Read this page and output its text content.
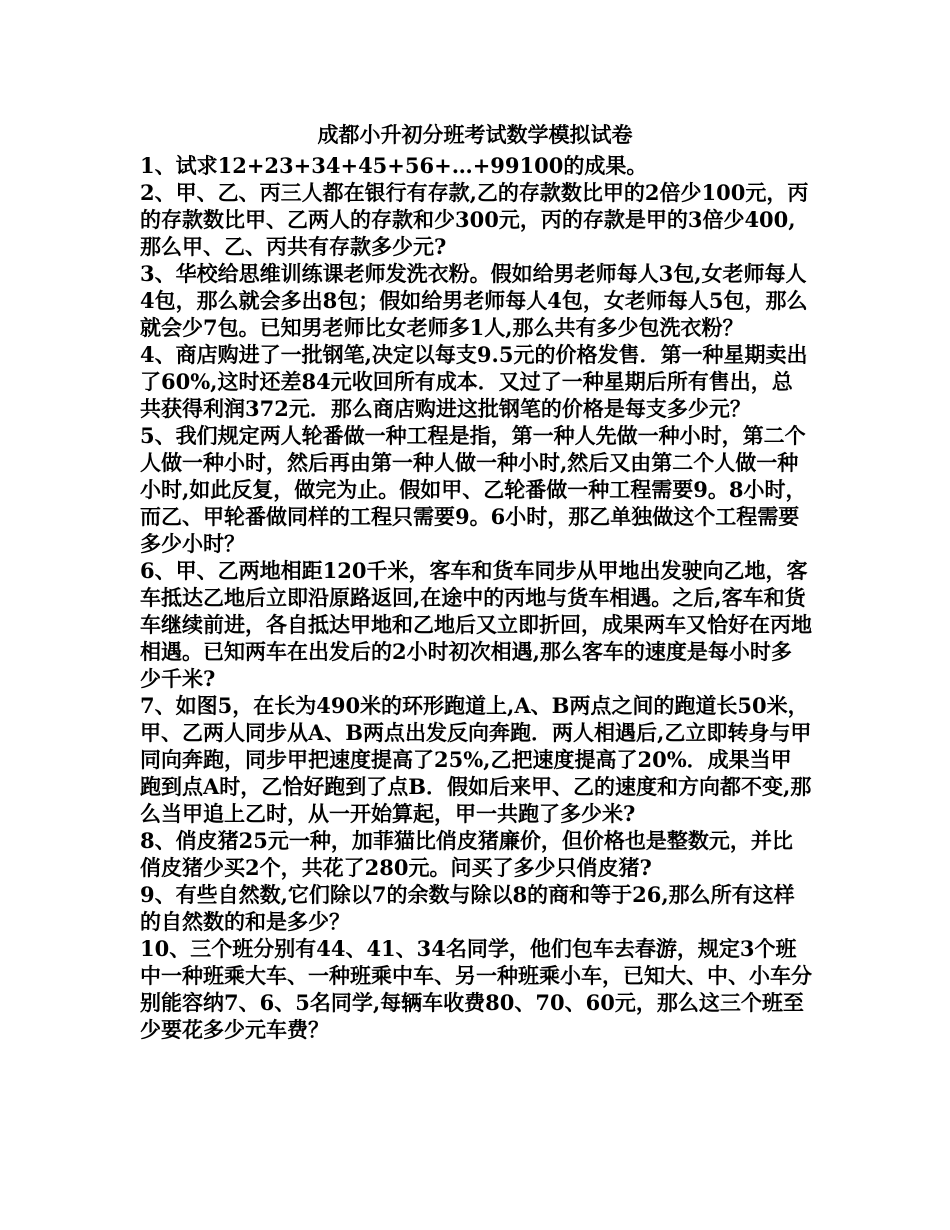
成都小升初分班考试数学模拟试卷

1、试求12+23+34+45+56+…+99100的成果。

2、甲、乙、丙三人都在银行有存款,乙的存款数比甲的2倍少100元，丙的存款数比甲、乙两人的存款和少300元，丙的存款是甲的3倍少400,那么甲、乙、丙共有存款多少元?

3、华校给思维训练课老师发洗衣粉。假如给男老师每人3包,女老师每人4包，那么就会多出8包；假如给男老师每人4包，女老师每人5包，那么就会少7包。已知男老师比女老师多1人,那么共有多少包洗衣粉？

4、商店购进了一批钢笔,决定以每支9.5元的价格发售．第一种星期卖出了60%,这时还差84元收回所有成本．又过了一种星期后所有售出，总共获得利润372元．那么商店购进这批钢笔的价格是每支多少元？

5、我们规定两人轮番做一种工程是指，第一种人先做一种小时，第二个人做一种小时，然后再由第一种人做一种小时,然后又由第二个人做一种小时,如此反复，做完为止。假如甲、乙轮番做一种工程需要9。8小时，而乙、甲轮番做同样的工程只需要9。6小时，那乙单独做这个工程需要多少小时？

6、甲、乙两地相距120千米，客车和货车同步从甲地出发驶向乙地，客车抵达乙地后立即沿原路返回,在途中的丙地与货车相遇。之后,客车和货车继续前进，各自抵达甲地和乙地后又立即折回，成果两车又恰好在丙地相遇。已知两车在出发后的2小时初次相遇,那么客车的速度是每小时多少千米?

7、如图5，在长为490米的环形跑道上,A、B两点之间的跑道长50米，甲、乙两人同步从A、B两点出发反向奔跑．两人相遇后,乙立即转身与甲同向奔跑，同步甲把速度提高了25%,乙把速度提高了20%．成果当甲跑到点A时，乙恰好跑到了点B．假如后来甲、乙的速度和方向都不变,那么当甲追上乙时，从一开始算起，甲一共跑了多少米?

8、俏皮猪25元一种，加菲猫比俏皮猪廉价，但价格也是整数元，并比俏皮猪少买2个，共花了280元。问买了多少只俏皮猪?

9、有些自然数,它们除以7的余数与除以8的商和等于26,那么所有这样的自然数的和是多少？

10、三个班分别有44、41、34名同学，他们包车去春游，规定3个班中一种班乘大车、一种班乘中车、另一种班乘小车，已知大、中、小车分别能容纳7、6、5名同学,每辆车收费80、70、60元，那么这三个班至少要花多少元车费？
